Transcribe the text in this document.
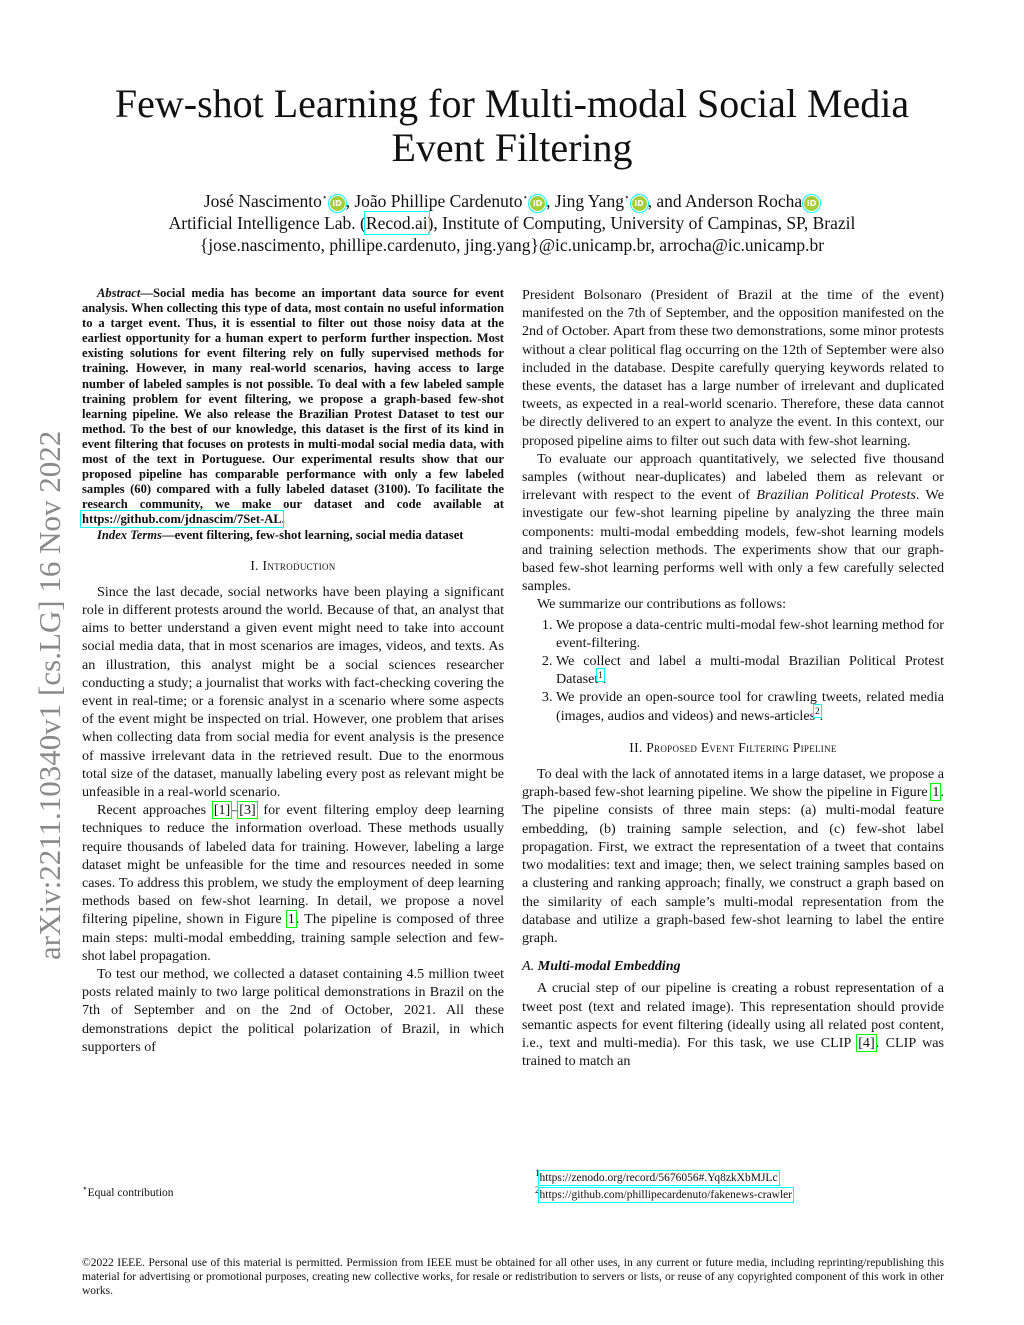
arXiv:2211.10340v1 [cs.LG] 16 Nov 2022
Few-shot Learning for Multi-modal Social Media Event Filtering
José Nascimento⋆iD , João Phillipe Cardenuto⋆iD , Jing Yang⋆iD , and Anderson Rocha iD
Artificial Intelligence Lab. (Recod.ai), Institute of Computing, University of Campinas, SP, Brazil
{jose.nascimento, phillipe.cardenuto, jing.yang}@ic.unicamp.br, arrocha@ic.unicamp.br

Abstract—Social media has become an important data source for event analysis. When collecting this type of data, most contain no useful information to a target event. Thus, it is essential to filter out those noisy data at the earliest opportunity for a human expert to perform further inspection. Most existing solutions for event filtering rely on fully supervised methods for training. However, in many real-world scenarios, having access to large number of labeled samples is not possible. To deal with a few labeled sample training problem for event filtering, we propose a graph-based few-shot learning pipeline. We also release the Brazilian Protest Dataset to test our method. To the best of our knowledge, this dataset is the first of its kind in event filtering that focuses on protests in multi-modal social media data, with most of the text in Portuguese. Our experimental results show that our proposed pipeline has comparable performance with only a few labeled samples (60) compared with a fully labeled dataset (3100). To facilitate the research community, we make our dataset and code available at https://github.com/jdnascim/7Set-AL.

Index Terms—event filtering, few-shot learning, social media dataset

I. Introduction

Since the last decade, social networks have been playing a significant role in different protests around the world. Because of that, an analyst that aims to better understand a given event might need to take into account social media data, that in most scenarios are images, videos, and texts. As an illustration, this analyst might be a social sciences researcher conducting a study; a journalist that works with fact-checking covering the event in real-time; or a forensic analyst in a scenario where some aspects of the event might be inspected on trial. However, one problem that arises when collecting data from social media for event analysis is the presence of massive irrelevant data in the retrieved result. Due to the enormous total size of the dataset, manually labeling every post as relevant might be unfeasible in a real-world scenario.

Recent approaches [1]–[3] for event filtering employ deep learning techniques to reduce the information overload. These methods usually require thousands of labeled data for training. However, labeling a large dataset might be unfeasible for the time and resources needed in some cases. To address this problem, we study the employment of deep learning methods based on few-shot learning. In detail, we propose a novel filtering pipeline, shown in Figure 1. The pipeline is composed of three main steps: multi-modal embedding, training sample selection and few-shot label propagation.

To test our method, we collected a dataset containing 4.5 million tweet posts related mainly to two large political demonstrations in Brazil on the 7th of September and on the 2nd of October, 2021. All these demonstrations depict the political polarization of Brazil, in which supporters of

President Bolsonaro (President of Brazil at the time of the event) manifested on the 7th of September, and the opposition manifested on the 2nd of October. Apart from these two demonstrations, some minor protests without a clear political flag occurring on the 12th of September were also included in the database. Despite carefully querying keywords related to these events, the dataset has a large number of irrelevant and duplicated tweets, as expected in a real-world scenario. Therefore, these data cannot be directly delivered to an expert to analyze the event. In this context, our proposed pipeline aims to filter out such data with few-shot learning.

To evaluate our approach quantitatively, we selected five thousand samples (without near-duplicates) and labeled them as relevant or irrelevant with respect to the event of Brazilian Political Protests. We investigate our few-shot learning pipeline by analyzing the three main components: multi-modal embedding models, few-shot learning models and training selection methods. The experiments show that our graph-based few-shot learning performs well with only a few carefully selected samples.

We summarize our contributions as follows:

1. We propose a data-centric multi-modal few-shot learning method for event-filtering.
2. We collect and label a multi-modal Brazilian Political Protest Dataset$^1$.
3. We provide an open-source tool for crawling tweets, related media (images, audios and videos) and news-articles$^2$.
II. Proposed Event Filtering Pipeline

To deal with the lack of annotated items in a large dataset, we propose a graph-based few-shot learning pipeline. We show the pipeline in Figure 1. The pipeline consists of three main steps: (a) multi-modal feature embedding, (b) training sample selection, and (c) few-shot label propagation. First, we extract the representation of a tweet that contains two modalities: text and image; then, we select training samples based on a clustering and ranking approach; finally, we construct a graph based on the similarity of each sample’s multi-modal representation from the database and utilize a graph-based few-shot learning to label the entire graph.

A. Multi-modal Embedding

A crucial step of our pipeline is creating a robust representation of a tweet post (text and related image). This representation should provide semantic aspects for event filtering (ideally using all related post content, i.e., text and multi-media). For this task, we use CLIP [4]. CLIP was trained to match an

⋆Equal contribution
$^1$https://zenodo.org/record/5676056#.Yq8zkXbMJLc
$^2$https://github.com/phillipecardenuto/fakenews-crawler
©2022 IEEE. Personal use of this material is permitted. Permission from IEEE must be obtained for all other uses, in any current or future media, including reprinting/republishing this material for advertising or promotional purposes, creating new collective works, for resale or redistribution to servers or lists, or reuse of any copyrighted component of this work in other works.
